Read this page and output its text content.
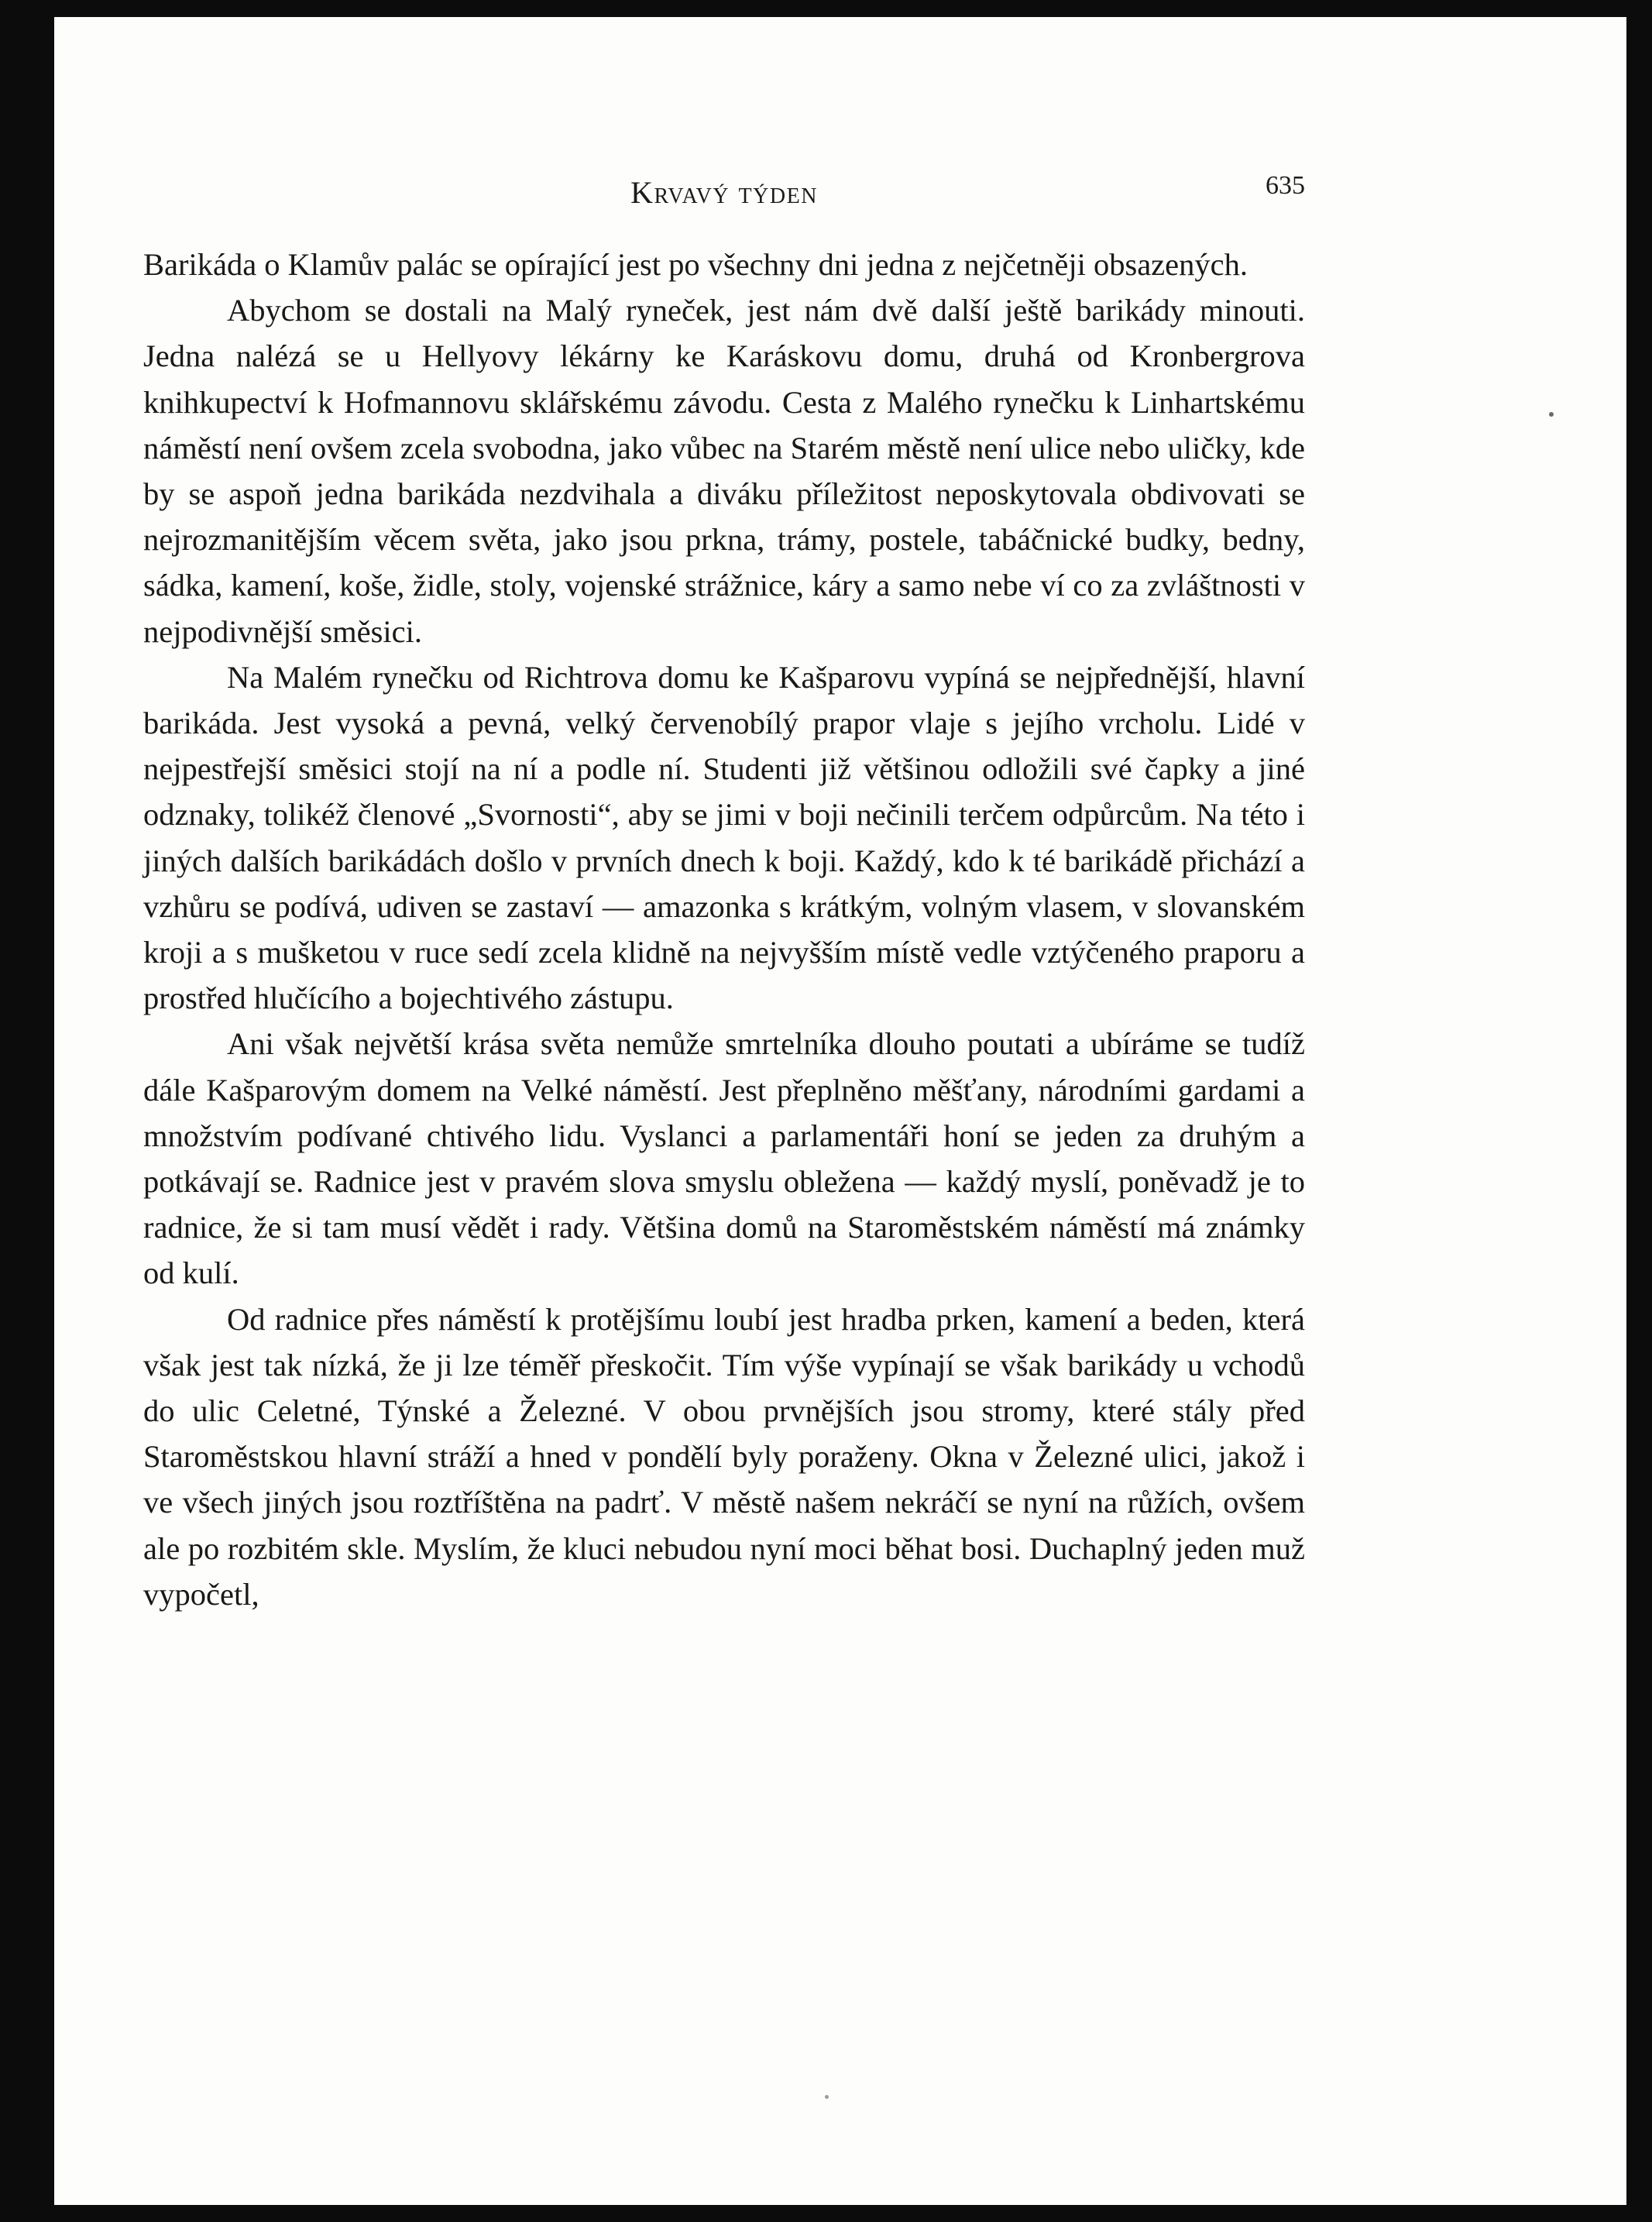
Krvavý týden	635

Barikáda o Klamův palác se opírající jest po všechny dni jedna z nejčetněji obsazených.

Abychom se dostali na Malý ryneček, jest nám dvě další ještě barikády minouti. Jedna nalézá se u Hellyovy lékárny ke Karáskovu domu, druhá od Kronbergrova knihkupectví k Hofmannovu sklářskému závodu. Cesta z Malého rynečku k Linhartskému náměstí není ovšem zcela svobodna, jako vůbec na Starém městě není ulice nebo uličky, kde by se aspoň jedna barikáda nezdvihala a diváku příležitost neposkytovala obdivovati se nejrozmanitějším věcem světa, jako jsou prkna, trámy, postele, tabáčnické budky, bedny, sádka, kamení, koše, židle, stoly, vojenské strážnice, káry a samo nebe ví co za zvláštnosti v nejpodivnější směsici.

Na Malém rynečku od Richtrova domu ke Kašparovu vypíná se nejpřednější, hlavní barikáda. Jest vysoká a pevná, velký červenobílý prapor vlaje s jejího vrcholu. Lidé v nejpestřejší směsici stojí na ní a podle ní. Studenti již většinou odložili své čapky a jiné odznaky, tolikéž členové „Svornosti“, aby se jimi v boji nečinili terčem odpůrcům. Na této i jiných dalších barikádách došlo v prvních dnech k boji. Každý, kdo k té barikádě přichází a vzhůru se podívá, udiven se zastaví — amazonka s krátkým, volným vlasem, v slovanském kroji a s mušketou v ruce sedí zcela klidně na nejvyšším místě vedle vztýčeného praporu a prostřed hlučícího a bojechtivého zástupu.

Ani však největší krása světa nemůže smrtelníka dlouho poutati a ubíráme se tudíž dále Kašparovým domem na Velké náměstí. Jest přeplněno měšťany, národními gardami a množstvím podívané chtivého lidu. Vyslanci a parlamentáři honí se jeden za druhým a potkávají se. Radnice jest v pravém slova smyslu obležena — každý myslí, poněvadž je to radnice, že si tam musí vědět i rady. Většina domů na Staroměstském náměstí má známky od kulí.

Od radnice přes náměstí k protějšímu loubí jest hradba prken, kamení a beden, která však jest tak nízká, že ji lze téměř přeskočit. Tím výše vypínají se však barikády u vchodů do ulic Celetné, Týnské a Železné. V obou prvnějších jsou stromy, které stály před Staroměstskou hlavní stráží a hned v pondělí byly poraženy. Okna v Železné ulici, jakož i ve všech jiných jsou roztříštěna na padrť. V městě našem nekráčí se nyní na růžích, ovšem ale po rozbitém skle. Myslím, že kluci nebudou nyní moci běhat bosi. Duchaplný jeden muž vypočetl,
